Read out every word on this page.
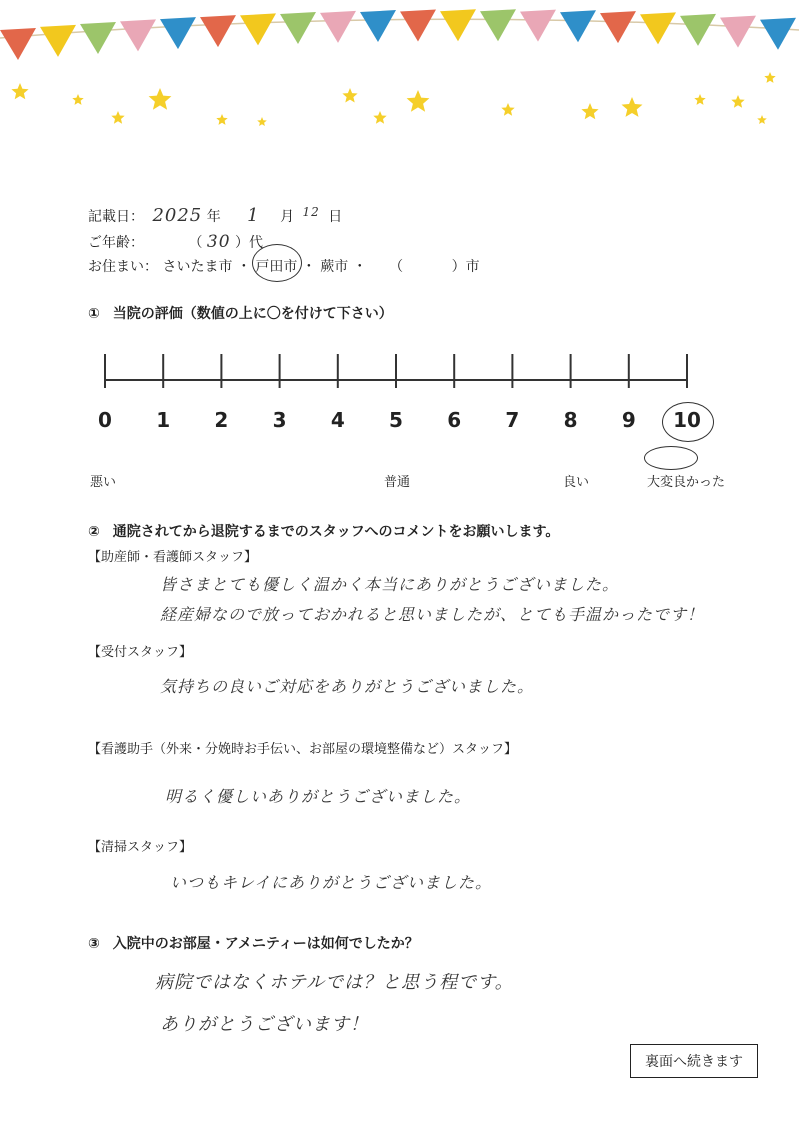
記載日： 2025 年 1 月 12 日
ご年齢：	（ 30 ）代
お住まい： さいたま市 ・ 戸田市 ・ 蕨市 ・ （	）市
① 当院の評価（数値の上に〇を付けて下さい）
0	1	2	3	4	5	6	7	8	9	10
悪い	普通	良い	大変良かった
② 通院されてから退院するまでのスタッフへのコメントをお願いします。
【助産師・看護師スタッフ】
皆さまとても優しく温かく本当にありがとうございました。
経産婦なので放っておかれると思いましたが、とても手温かったです！
【受付スタッフ】
気持ちの良いご対応をありがとうございました。
【看護助手（外来・分娩時お手伝い、お部屋の環境整備など）スタッフ】
明るく優しいありがとうございました。
【清掃スタッフ】
いつもキレイにありがとうございました。
③ 入院中のお部屋・アメニティーは如何でしたか？
病院ではなくホテルでは？と思う程です。
ありがとうございます！
裏面へ続きます
